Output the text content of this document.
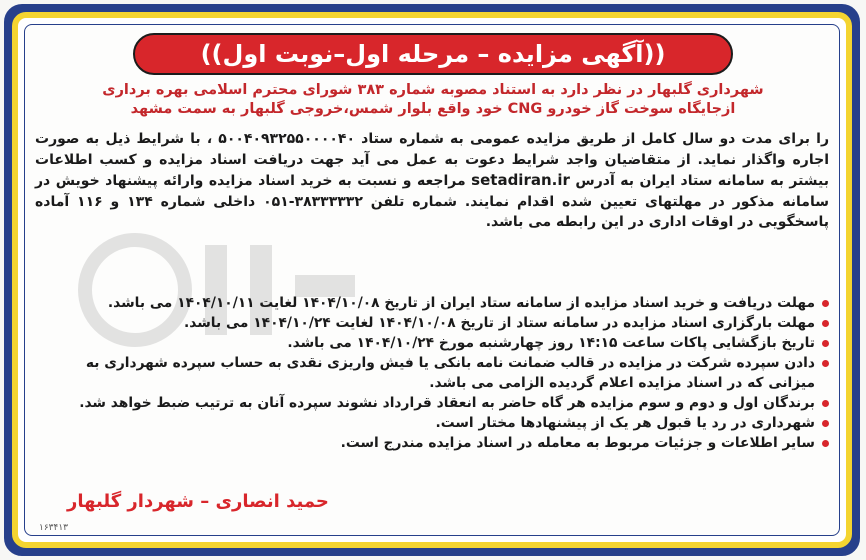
((آگهی مزایده – مرحله اول–نوبت اول))
شهرداری گلبهار در نظر دارد به استناد مصوبه شماره ۳۸۳ شورای محترم اسلامی بهره برداری
ازجایگاه سوخت گاز خودرو CNG خود واقع بلوار شمس،خروجی گلبهار به سمت مشهد
را برای مدت دو سال کامل از طریق مزایده عمومی به شماره ستاد ۵۰۰۴۰۹۳۲۵۵۰۰۰۰۴۰ ، با شرایط ذیل به صورت اجاره واگذار نماید. از متقاضیان واجد شرایط دعوت به عمل می آید جهت دریافت اسناد مزایده و کسب اطلاعات بیشتر به سامانه ستاد ایران به آدرس setadiran.ir مراجعه و نسبت به خرید اسناد مزایده وارائه پیشنهاد خویش در سامانه مذکور در مهلتهای تعیین شده اقدام نمایند. شماره تلفن ۳۸۳۳۳۳۳۲-۰۵۱ داخلی شماره ۱۳۴ و ۱۱۶ آماده پاسخگویی در اوقات اداری در این رابطه می باشد.
مهلت دریافت و خرید اسناد مزایده از سامانه ستاد ایران از تاریخ ۱۴۰۴/۱۰/۰۸ لغایت ۱۴۰۴/۱۰/۱۱ می باشد.
مهلت بارگزاری اسناد مزایده در سامانه ستاد از تاریخ ۱۴۰۴/۱۰/۰۸ لغایت ۱۴۰۴/۱۰/۲۴ می باشد.
تاریخ بازگشایی پاکات ساعت ۱۴:۱۵ روز چهارشنبه مورخ ۱۴۰۴/۱۰/۲۴ می باشد.
دادن سپرده شرکت در مزایده در قالب ضمانت نامه بانکی یا فیش واریزی نقدی به حساب سپرده شهرداری به میزانی که در اسناد مزایده اعلام گردیده الزامی می باشد.
برندگان اول و دوم و سوم مزایده هر گاه حاضر به انعقاد قرارداد نشوند سپرده آنان به ترتیب ضبط خواهد شد.
شهرداری در رد یا قبول هر یک از پیشنهادها مختار است.
سایر اطلاعات و جزئیات مربوط به معامله در اسناد مزایده مندرج است.
حمید انصاری – شهردار گلبهار
۱۶۳۴۱۳
